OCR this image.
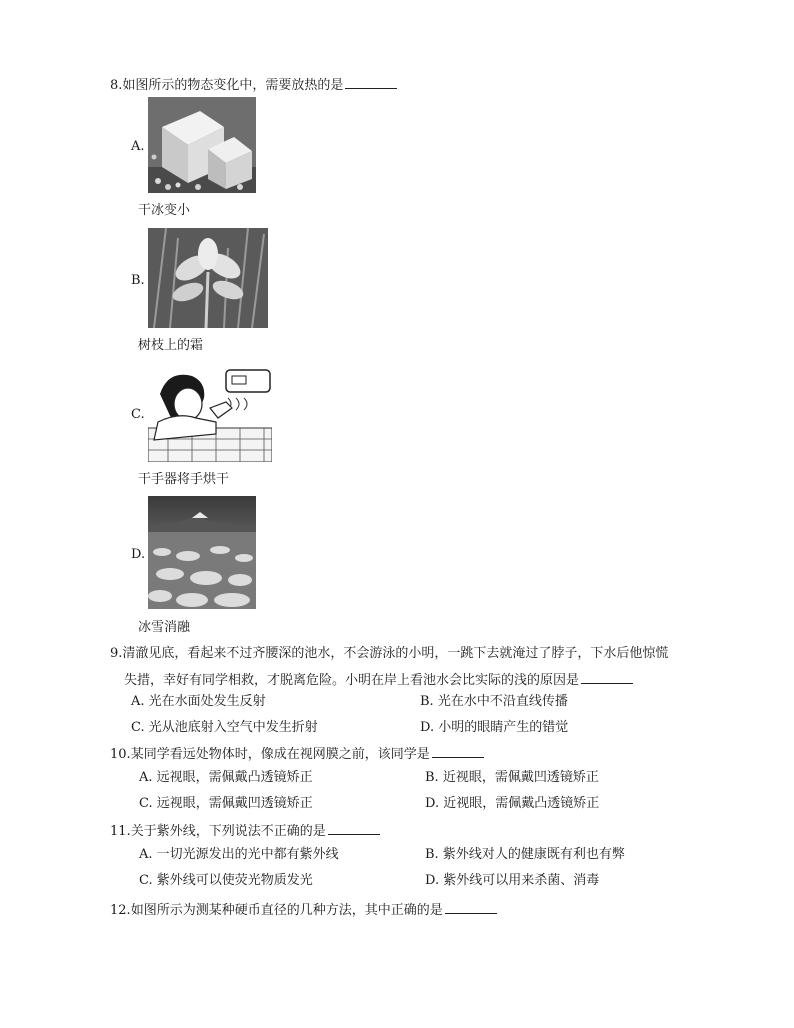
8.如图所示的物态变化中，需要放热的是
A.
干冰变小
B.
树枝上的霜
C.
干手器将手烘干
D.
冰雪消融
9.清澈见底，看起来不过齐腰深的池水，不会游泳的小明，一跳下去就淹过了脖子，下水后他惊慌
失措，幸好有同学相救，才脱离危险。小明在岸上看池水会比实际的浅的原因是
A. 光在水面处发生反射	B. 光在水中不沿直线传播
C. 光从池底射入空气中发生折射	D. 小明的眼睛产生的错觉
10.某同学看远处物体时，像成在视网膜之前，该同学是
A. 远视眼，需佩戴凸透镜矫正	B. 近视眼，需佩戴凹透镜矫正
C. 远视眼，需佩戴凹透镜矫正	D. 近视眼，需佩戴凸透镜矫正
11.关于紫外线，下列说法不正确的是
A. 一切光源发出的光中都有紫外线	B. 紫外线对人的健康既有利也有弊
C. 紫外线可以使荧光物质发光	D. 紫外线可以用来杀菌、消毒
12.如图所示为测某种硬币直径的几种方法，其中正确的是
